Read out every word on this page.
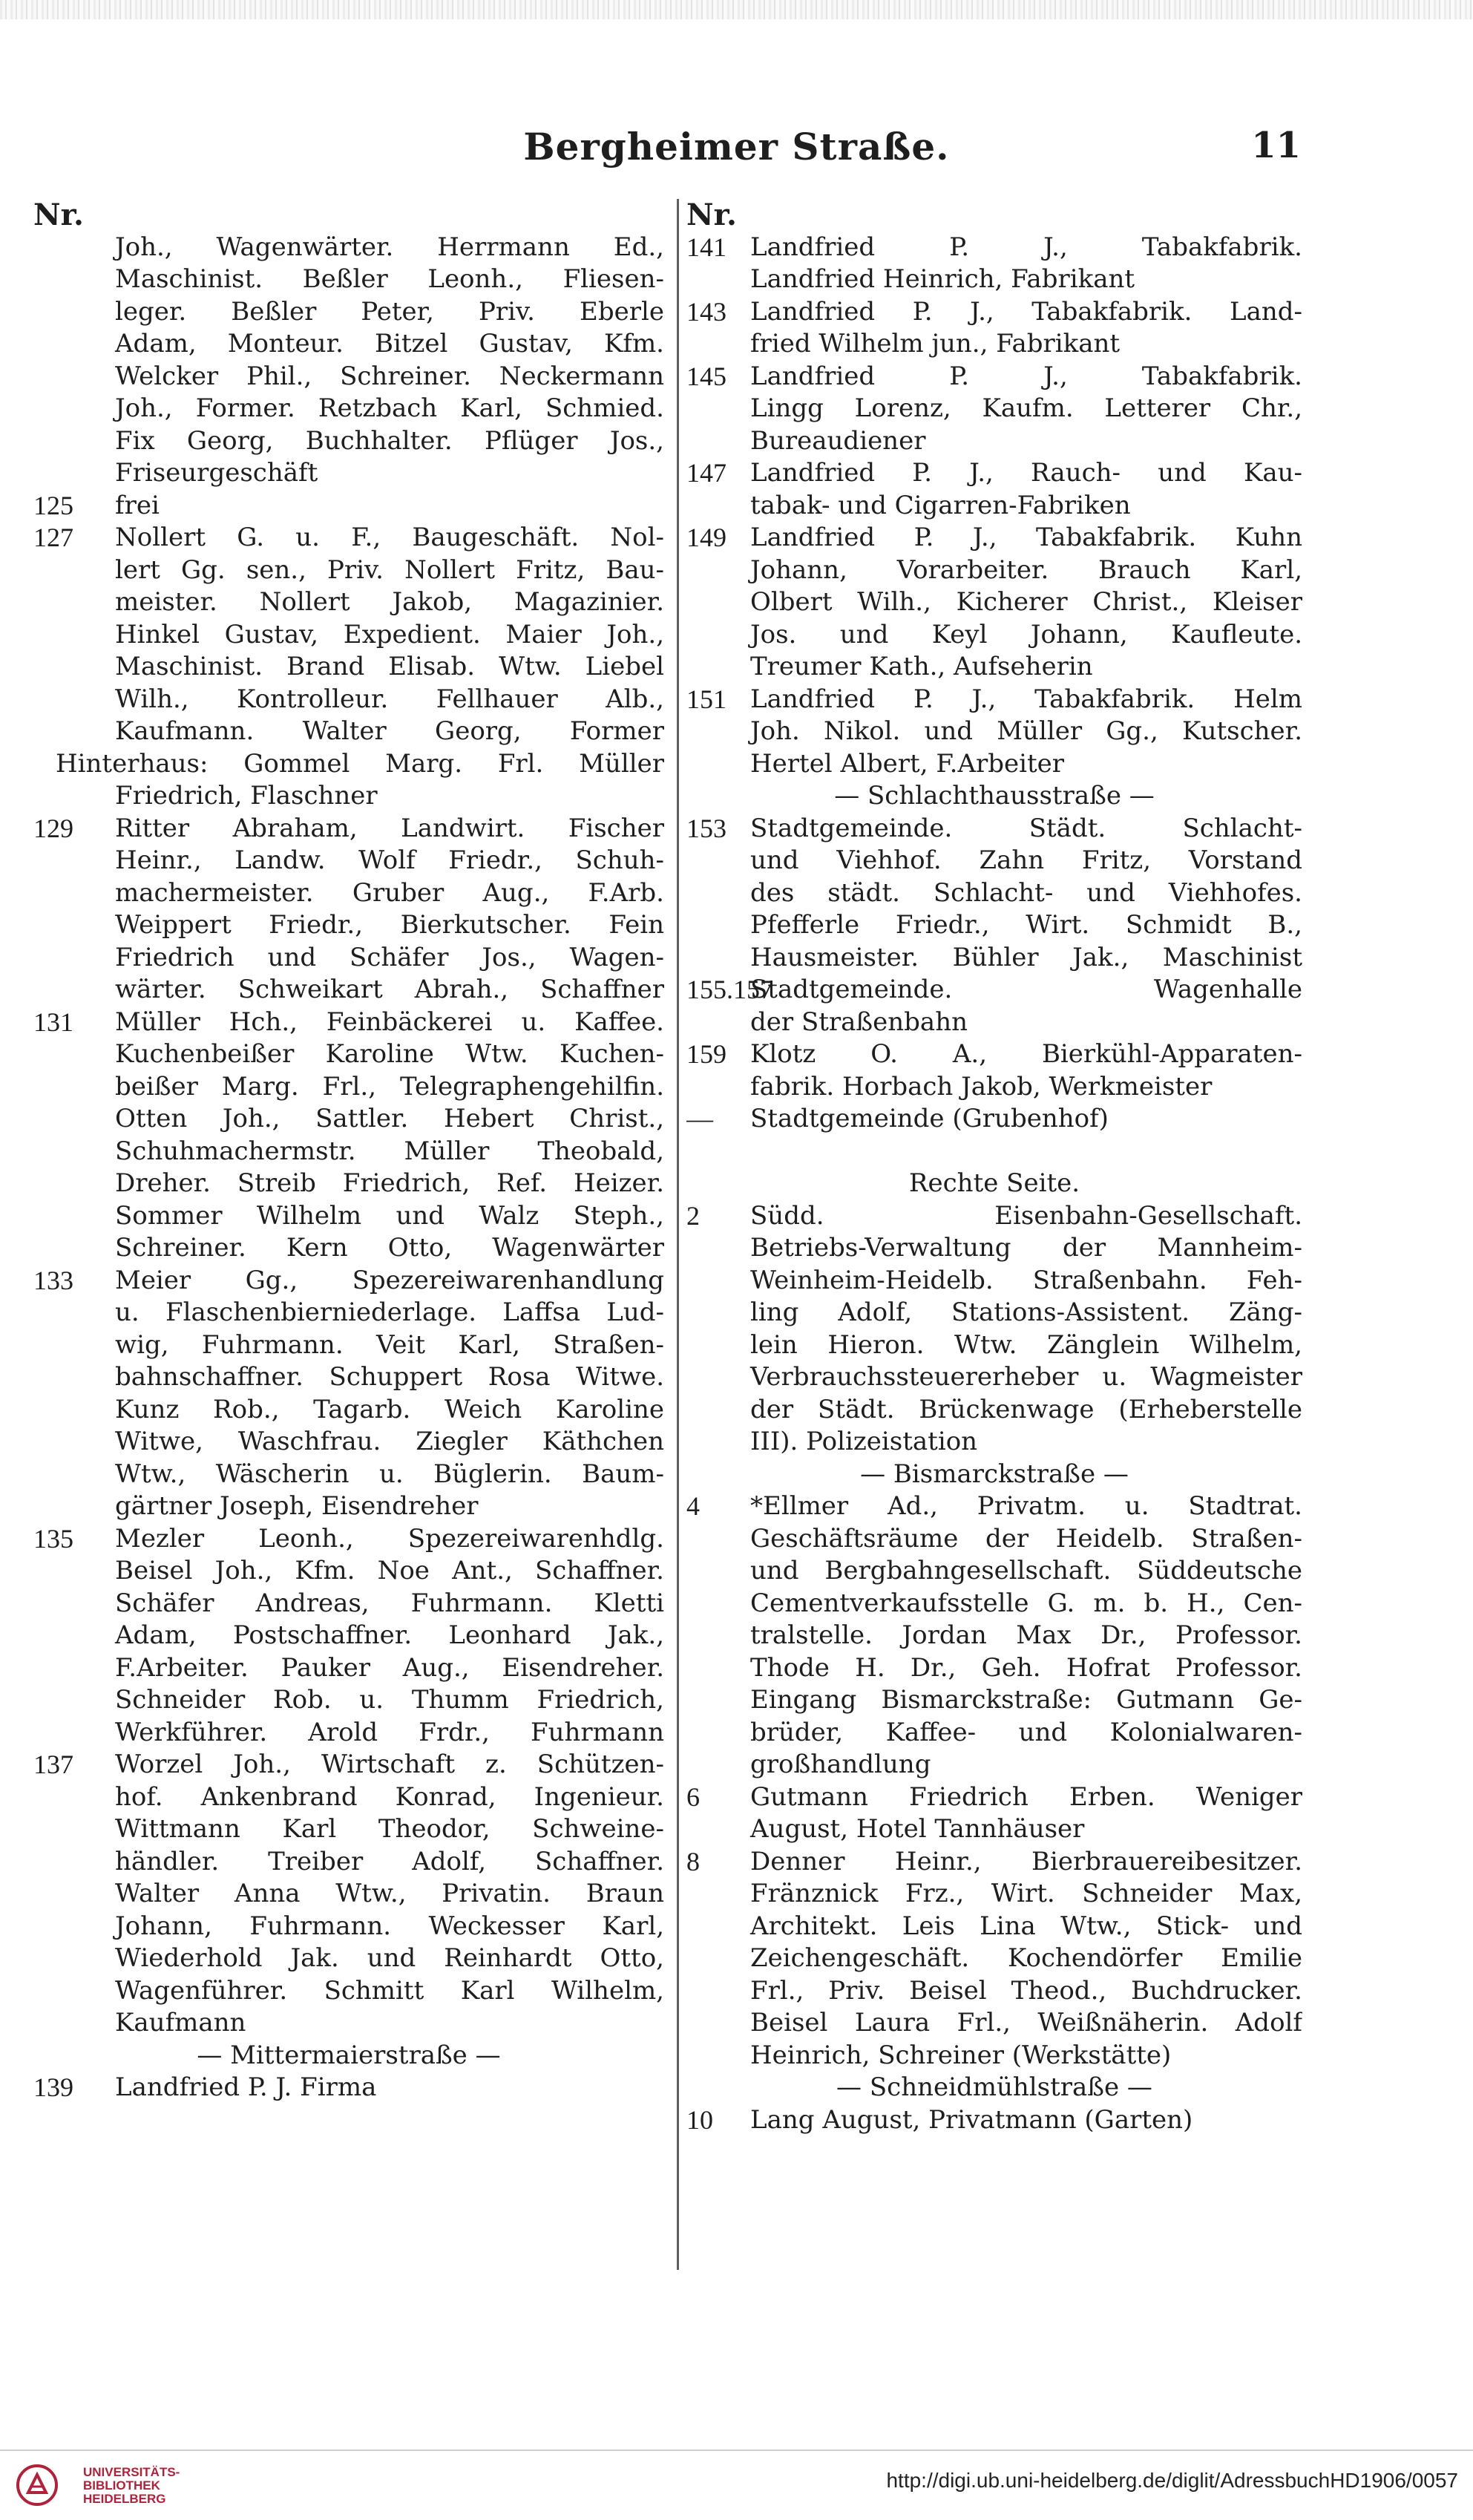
Bergheimer Straße.	11
Nr.
Joh., Wagenwärter. Herrmann Ed.,
Maschinist. Beßler Leonh., Fliesen-
leger. Beßler Peter, Priv. Eberle
Adam, Monteur. Bitzel Gustav, Kfm.
Welcker Phil., Schreiner. Neckermann
Joh., Former. Retzbach Karl, Schmied.
Fix Georg, Buchhalter. Pflüger Jos.,
Friseurgeschäft
125	frei
127	Nollert G. u. F., Baugeschäft. Nol-
lert Gg. sen., Priv. Nollert Fritz, Bau-
meister. Nollert Jakob, Magazinier.
Hinkel Gustav, Expedient. Maier Joh.,
Maschinist. Brand Elisab. Wtw. Liebel
Wilh., Kontrolleur. Fellhauer Alb.,
Kaufmann. Walter Georg, Former
Hinterhaus: Gommel Marg. Frl. Müller
Friedrich, Flaschner
129	Ritter Abraham, Landwirt. Fischer
Heinr., Landw. Wolf Friedr., Schuh-
machermeister. Gruber Aug., F.Arb.
Weippert Friedr., Bierkutscher. Fein
Friedrich und Schäfer Jos., Wagen-
wärter. Schweikart Abrah., Schaffner
131	Müller Hch., Feinbäckerei u. Kaffee.
Kuchenbeißer Karoline Wtw. Kuchen-
beißer Marg. Frl., Telegraphengehilfin.
Otten Joh., Sattler. Hebert Christ.,
Schuhmachermstr. Müller Theobald,
Dreher. Streib Friedrich, Ref. Heizer.
Sommer Wilhelm und Walz Steph.,
Schreiner. Kern Otto, Wagenwärter
133	Meier Gg., Spezereiwarenhandlung
u. Flaschenbierniederlage. Laffsa Lud-
wig, Fuhrmann. Veit Karl, Straßen-
bahnschaffner. Schuppert Rosa Witwe.
Kunz Rob., Tagarb. Weich Karoline
Witwe, Waschfrau. Ziegler Käthchen
Wtw., Wäscherin u. Büglerin. Baum-
gärtner Joseph, Eisendreher
135	Mezler Leonh., Spezereiwarenhdlg.
Beisel Joh., Kfm. Noe Ant., Schaffner.
Schäfer Andreas, Fuhrmann. Kletti
Adam, Postschaffner. Leonhard Jak.,
F.Arbeiter. Pauker Aug., Eisendreher.
Schneider Rob. u. Thumm Friedrich,
Werkführer. Arold Frdr., Fuhrmann
137	Worzel Joh., Wirtschaft z. Schützen-
hof. Ankenbrand Konrad, Ingenieur.
Wittmann Karl Theodor, Schweine-
händler. Treiber Adolf, Schaffner.
Walter Anna Wtw., Privatin. Braun
Johann, Fuhrmann. Weckesser Karl,
Wiederhold Jak. und Reinhardt Otto,
Wagenführer. Schmitt Karl Wilhelm,
Kaufmann
— Mittermaierstraße —
139	Landfried P. J. Firma
Nr.
141 Landfried P. J., Tabakfabrik.
Landfried Heinrich, Fabrikant
143 Landfried P. J., Tabakfabrik. Land-
fried Wilhelm jun., Fabrikant
145 Landfried P. J., Tabakfabrik.
Lingg Lorenz, Kaufm. Letterer Chr.,
Bureaudiener
147 Landfried P. J., Rauch- und Kau-
tabak- und Cigarren-Fabriken
149 Landfried P. J., Tabakfabrik. Kuhn
Johann, Vorarbeiter. Brauch Karl,
Olbert Wilh., Kicherer Christ., Kleiser
Jos. und Keyl Johann, Kaufleute.
Treumer Kath., Aufseherin
151 Landfried P. J., Tabakfabrik. Helm
Joh. Nikol. und Müller Gg., Kutscher.
Hertel Albert, F.Arbeiter
— Schlachthausstraße —
153 Stadtgemeinde. Städt. Schlacht-
und Viehhof. Zahn Fritz, Vorstand
des städt. Schlacht- und Viehhofes.
Pfefferle Friedr., Wirt. Schmidt B.,
Hausmeister. Bühler Jak., Maschinist
155.157
Stadtgemeinde. Wagenhalle
der Straßenbahn
159 Klotz O. A., Bierkühl-Apparaten-
fabrik. Horbach Jakob, Werkmeister
—	Stadtgemeinde (Grubenhof)
Rechte Seite.
2	Südd. Eisenbahn-Gesellschaft.
Betriebs-Verwaltung der Mannheim-
Weinheim-Heidelb. Straßenbahn. Feh-
ling Adolf, Stations-Assistent. Zäng-
lein Hieron. Wtw. Zänglein Wilhelm,
Verbrauchssteuererheber u. Wagmeister
der Städt. Brückenwage (Erheberstelle
III). Polizeistation
— Bismarckstraße —
4	*Ellmer Ad., Privatm. u. Stadtrat.
Geschäftsräume der Heidelb. Straßen-
und Bergbahngesellschaft. Süddeutsche
Cementverkaufsstelle G. m. b. H., Cen-
tralstelle. Jordan Max Dr., Professor.
Thode H. Dr., Geh. Hofrat Professor.
Eingang Bismarckstraße: Gutmann Ge-
brüder, Kaffee- und Kolonialwaren-
großhandlung
6	Gutmann Friedrich Erben. Weniger
August, Hotel Tannhäuser
8	Denner Heinr., Bierbrauereibesitzer.
Fränznick Frz., Wirt. Schneider Max,
Architekt. Leis Lina Wtw., Stick- und
Zeichengeschäft. Kochendörfer Emilie
Frl., Priv. Beisel Theod., Buchdrucker.
Beisel Laura Frl., Weißnäherin. Adolf
Heinrich, Schreiner (Werkstätte)
— Schneidmühlstraße —
10	Lang August, Privatmann (Garten)
UNIVERSITÄTS-
BIBLIOTHEK
HEIDELBERG
http://digi.ub.uni-heidelberg.de/diglit/AdressbuchHD1906/0057
